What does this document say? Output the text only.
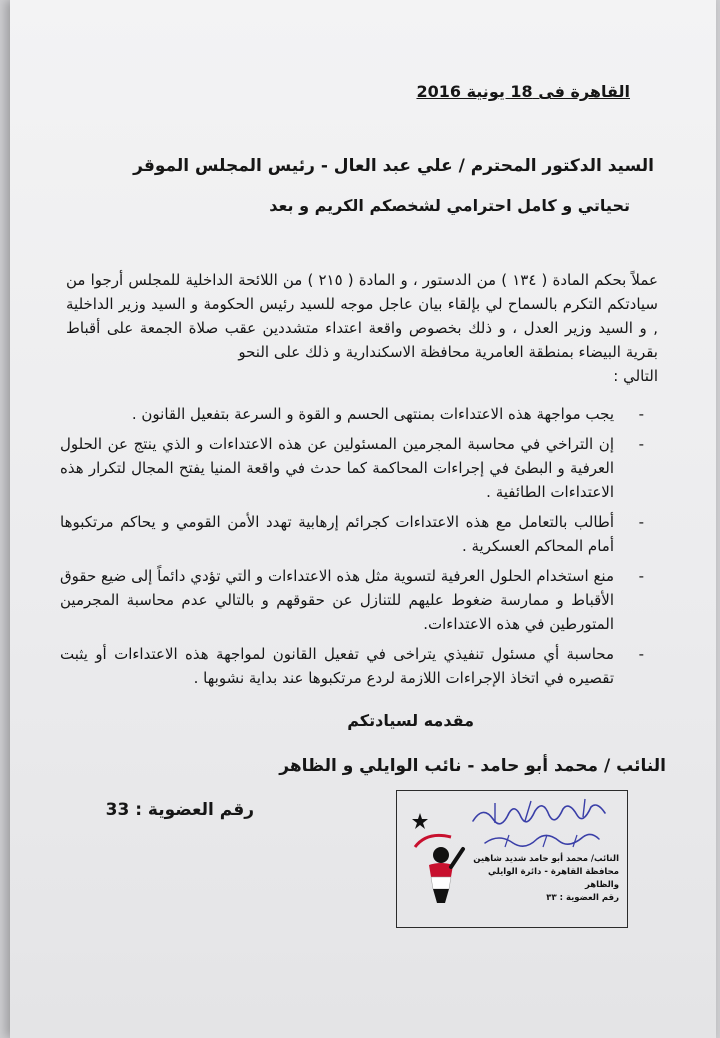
القاهرة فى 18 يونية 2016
السيد الدكتور المحترم / علي عبد العال - رئيس المجلس الموقر
تحياتي و كامل احترامي لشخصكم الكريم و بعد
عملاً بحكم المادة ( ١٣٤ ) من الدستور ، و المادة ( ٢١٥ ) من اللائحة الداخلية للمجلس أرجوا من سيادتكم التكرم بالسماح لي بإلقاء بيان عاجل موجه للسيد رئيس الحكومة و السيد وزير الداخلية , و السيد وزير العدل ، و ذلك بخصوص واقعة اعتداء متشددين عقب صلاة الجمعة على أقباط بقرية البيضاء بمنطقة العامرية محافظة الاسكندارية و ذلك على النحو
التالي :
-
يجب مواجهة هذه الاعتداءات بمنتهى الحسم و القوة و السرعة بتفعيل القانون .
-
إن التراخي في محاسبة المجرمين المسئولين عن هذه الاعتداءات و الذي ينتج عن الحلول العرفية و البطئ في إجراءات المحاكمة كما حدث في واقعة المنيا يفتح المجال لتكرار هذه الاعتداءات الطائفية .
-
أطالب بالتعامل مع هذه الاعتداءات كجرائم إرهابية تهدد الأمن القومي و يحاكم مرتكبوها أمام المحاكم العسكرية .
-
منع استخدام الحلول العرفية لتسوية مثل هذه الاعتداءات و التي تؤدي دائماً إلى ضيع حقوق الأقباط و ممارسة ضغوط عليهم للتنازل عن حقوقهم و بالتالي عدم محاسبة المجرمين المتورطين في هذه الاعتداءات.
-
محاسبة أي مسئول تنفيذي يتراخى في تفعيل القانون لمواجهة هذه الاعتداءات أو يثبت تقصيره في اتخاذ الإجراءات اللازمة لردع مرتكبوها عند بداية نشوبها .
مقدمه لسيادتكم
النائب / محمد أبو حامد - نائب الوايلي و الظاهر
رقم العضوية : 33
النائب/ محمد أبو حامد شديد شاهين
محافظة القاهرة - دائرة الوايلي والظاهر
رقم العضوية : ٣٣
